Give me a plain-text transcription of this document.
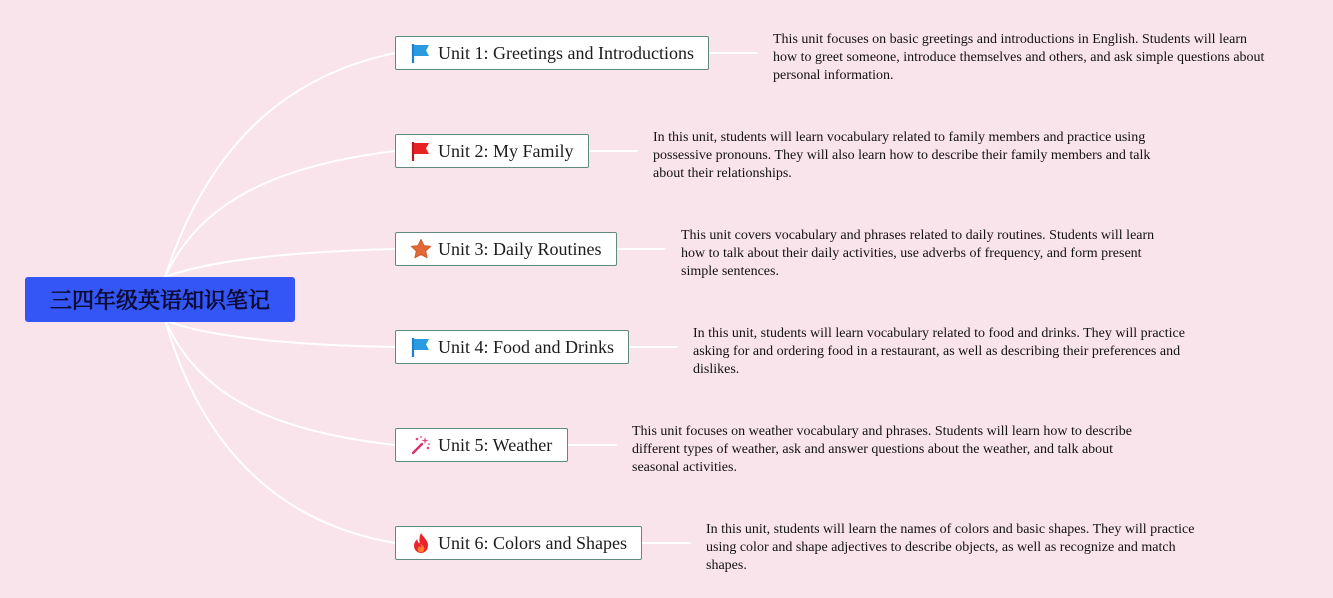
三四年级英语知识笔记
Unit 1: Greetings and Introductions
This unit focuses on basic greetings and introductions in English. Students will learn how to greet someone, introduce themselves and others, and ask simple questions about personal information.
Unit 2: My Family
In this unit, students will learn vocabulary related to family members and practice using possessive pronouns. They will also learn how to describe their family members and talk about their relationships.
Unit 3: Daily Routines
This unit covers vocabulary and phrases related to daily routines. Students will learn how to talk about their daily activities, use adverbs of frequency, and form present simple sentences.
Unit 4: Food and Drinks
In this unit, students will learn vocabulary related to food and drinks. They will practice asking for and ordering food in a restaurant, as well as describing their preferences and dislikes.
Unit 5: Weather
This unit focuses on weather vocabulary and phrases. Students will learn how to describe different types of weather, ask and answer questions about the weather, and talk about seasonal activities.
Unit 6: Colors and Shapes
In this unit, students will learn the names of colors and basic shapes. They will practice using color and shape adjectives to describe objects, as well as recognize and match shapes.
